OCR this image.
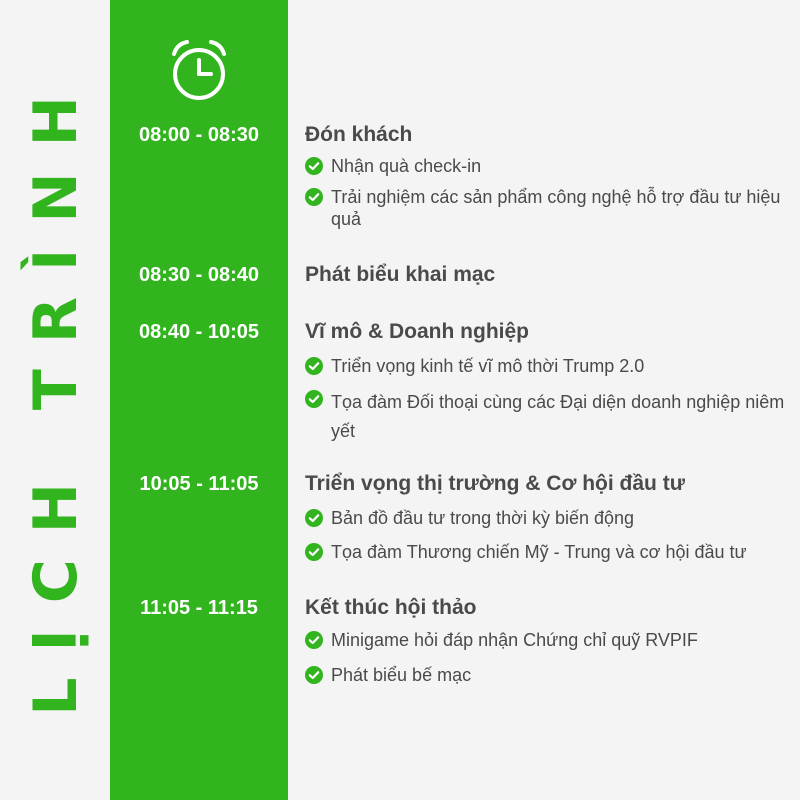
LỊCH TRÌNH	08:00 - 08:30	Đón khách
Nhận quà check-in
Trải nghiệm các sản phẩm công nghệ hỗ trợ đầu tư hiệu quả
08:30 - 08:40	Phát biểu khai mạc
08:40 - 10:05	Vĩ mô & Doanh nghiệp
Triển vọng kinh tế vĩ mô thời Trump 2.0
Tọa đàm Đối thoại cùng các Đại diện doanh nghiệp niêm yết
10:05 - 11:05	Triển vọng thị trường & Cơ hội đầu tư
Bản đồ đầu tư trong thời kỳ biến động
Tọa đàm Thương chiến Mỹ - Trung và cơ hội đầu tư
11:05 - 11:15	Kết thúc hội thảo
Minigame hỏi đáp nhận Chứng chỉ quỹ RVPIF
Phát biểu bế mạc
